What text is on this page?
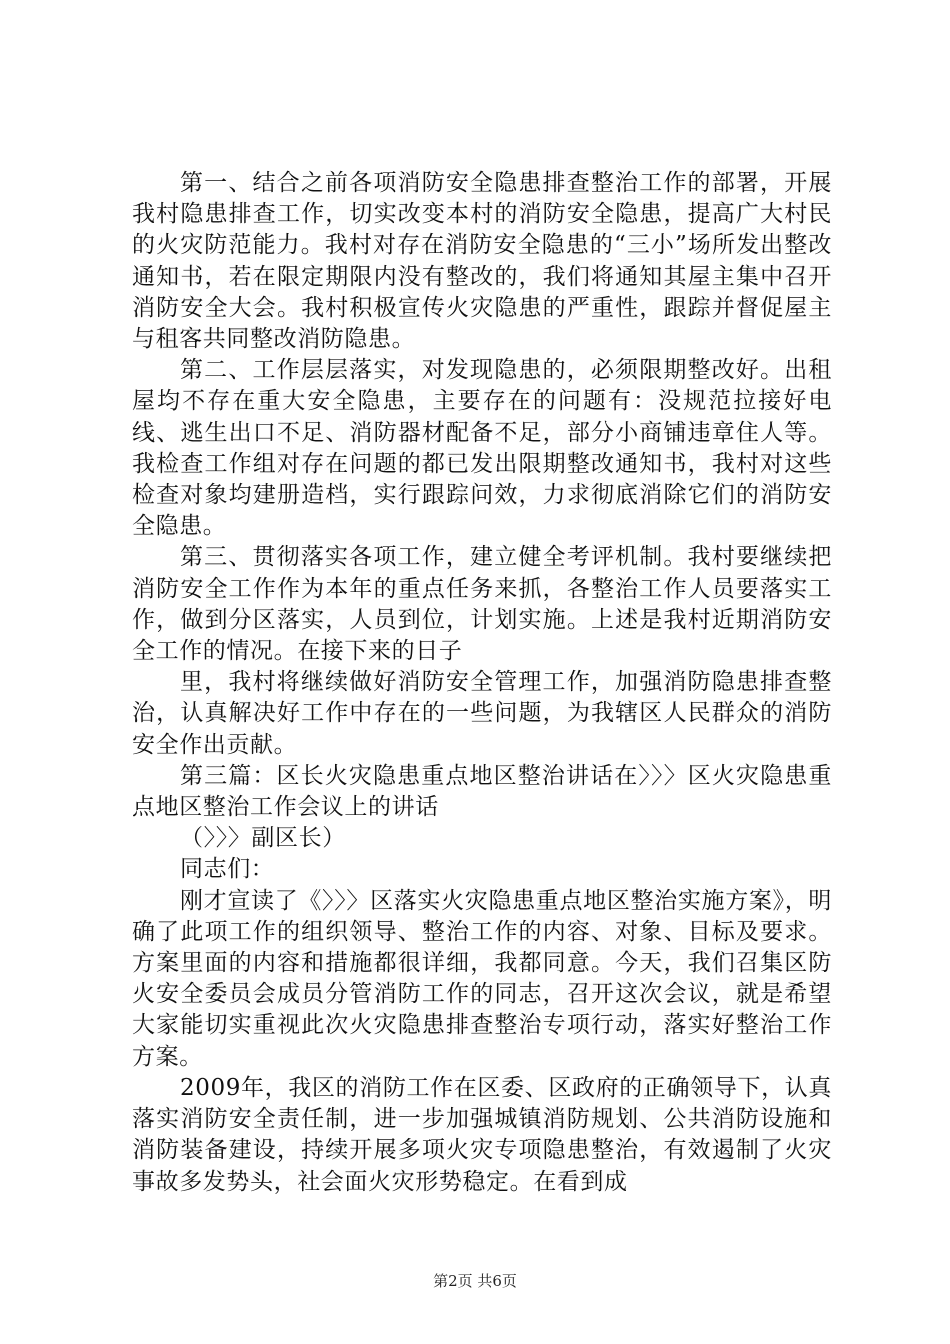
第一、结合之前各项消防安全隐患排查整治工作的部署，开展我村隐患排查工作，切实改变本村的消防安全隐患，提高广大村民的火灾防范能力。我村对存在消防安全隐患的“三小”场所发出整改通知书，若在限定期限内没有整改的，我们将通知其屋主集中召开消防安全大会。我村积极宣传火灾隐患的严重性，跟踪并督促屋主与租客共同整改消防隐患。

第二、工作层层落实，对发现隐患的，必须限期整改好。出租屋均不存在重大安全隐患，主要存在的问题有：没规范拉接好电线、逃生出口不足、消防器材配备不足，部分小商铺违章住人等。我检查工作组对存在问题的都已发出限期整改通知书，我村对这些检查对象均建册造档，实行跟踪问效，力求彻底消除它们的消防安全隐患。

第三、贯彻落实各项工作，建立健全考评机制。我村要继续把消防安全工作作为本年的重点任务来抓，各整治工作人员要落实工作，做到分区落实，人员到位，计划实施。上述是我村近期消防安全工作的情况。在接下来的日子

里，我村将继续做好消防安全管理工作，加强消防隐患排查整治，认真解决好工作中存在的一些问题，为我辖区人民群众的消防安全作出贡献。

第三篇：区长火灾隐患重点地区整治讲话在〉〉〉区火灾隐患重点地区整治工作会议上的讲话

（〉〉〉副区长）

同志们：

刚才宣读了《〉〉〉区落实火灾隐患重点地区整治实施方案》，明确了此项工作的组织领导、整治工作的内容、对象、目标及要求。方案里面的内容和措施都很详细，我都同意。今天，我们召集区防火安全委员会成员分管消防工作的同志，召开这次会议，就是希望大家能切实重视此次火灾隐患排查整治专项行动，落实好整治工作方案。

2009年，我区的消防工作在区委、区政府的正确领导下，认真落实消防安全责任制，进一步加强城镇消防规划、公共消防设施和消防装备建设，持续开展多项火灾专项隐患整治，有效遏制了火灾事故多发势头，社会面火灾形势稳定。在看到成

第2页 共6页
